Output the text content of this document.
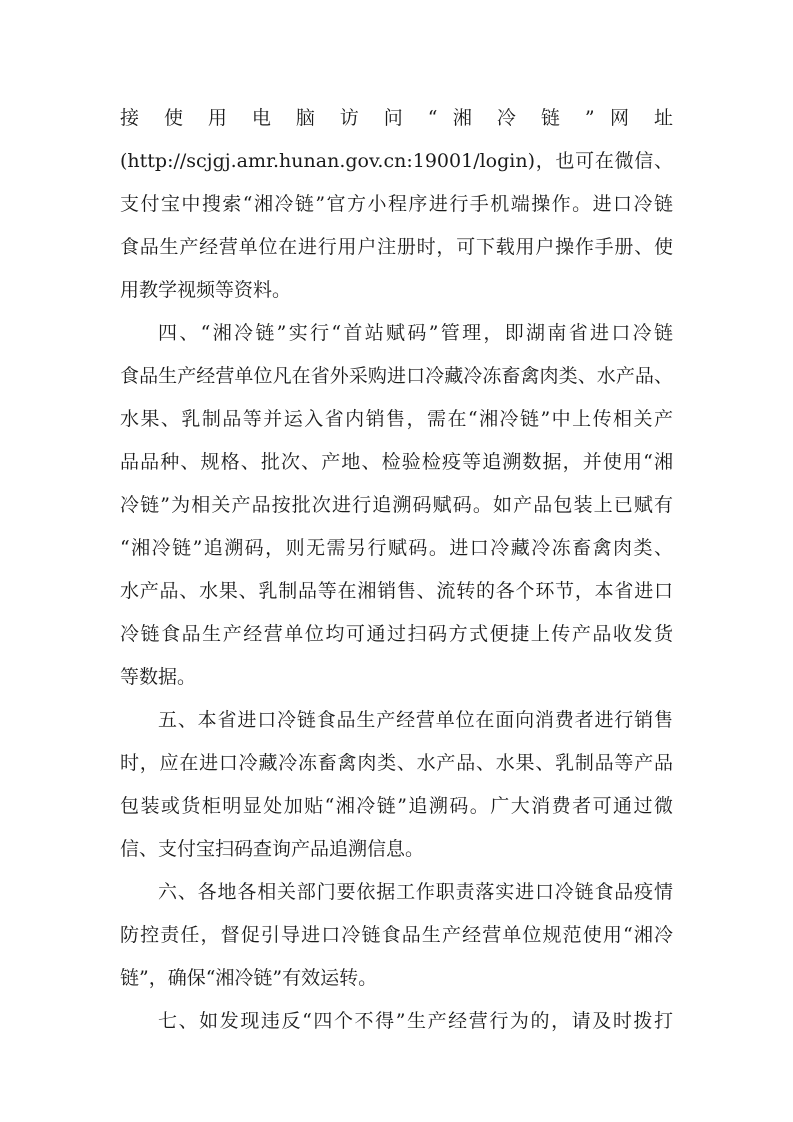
接 使 用 电 脑 访 问 “ 湘 冷 链 ” 网 址
(http://scjgj.amr.hunan.gov.cn:19001/login)，也可在微信、
支付宝中搜索“湘冷链”官方小程序进行手机端操作。进口冷链
食品生产经营单位在进行用户注册时，可下载用户操作手册、使
用教学视频等资料。
四、“湘冷链”实行“首站赋码”管理，即湖南省进口冷链
食品生产经营单位凡在省外采购进口冷藏冷冻畜禽肉类、水产品、
水果、乳制品等并运入省内销售，需在“湘冷链”中上传相关产
品品种、规格、批次、产地、检验检疫等追溯数据，并使用“湘
冷链”为相关产品按批次进行追溯码赋码。如产品包装上已赋有
“湘冷链”追溯码，则无需另行赋码。进口冷藏冷冻畜禽肉类、
水产品、水果、乳制品等在湘销售、流转的各个环节，本省进口
冷链食品生产经营单位均可通过扫码方式便捷上传产品收发货
等数据。
五、本省进口冷链食品生产经营单位在面向消费者进行销售
时，应在进口冷藏冷冻畜禽肉类、水产品、水果、乳制品等产品
包装或货柜明显处加贴“湘冷链”追溯码。广大消费者可通过微
信、支付宝扫码查询产品追溯信息。
六、各地各相关部门要依据工作职责落实进口冷链食品疫情
防控责任，督促引导进口冷链食品生产经营单位规范使用“湘冷
链”，确保“湘冷链”有效运转。
七、如发现违反“四个不得”生产经营行为的，请及时拨打
